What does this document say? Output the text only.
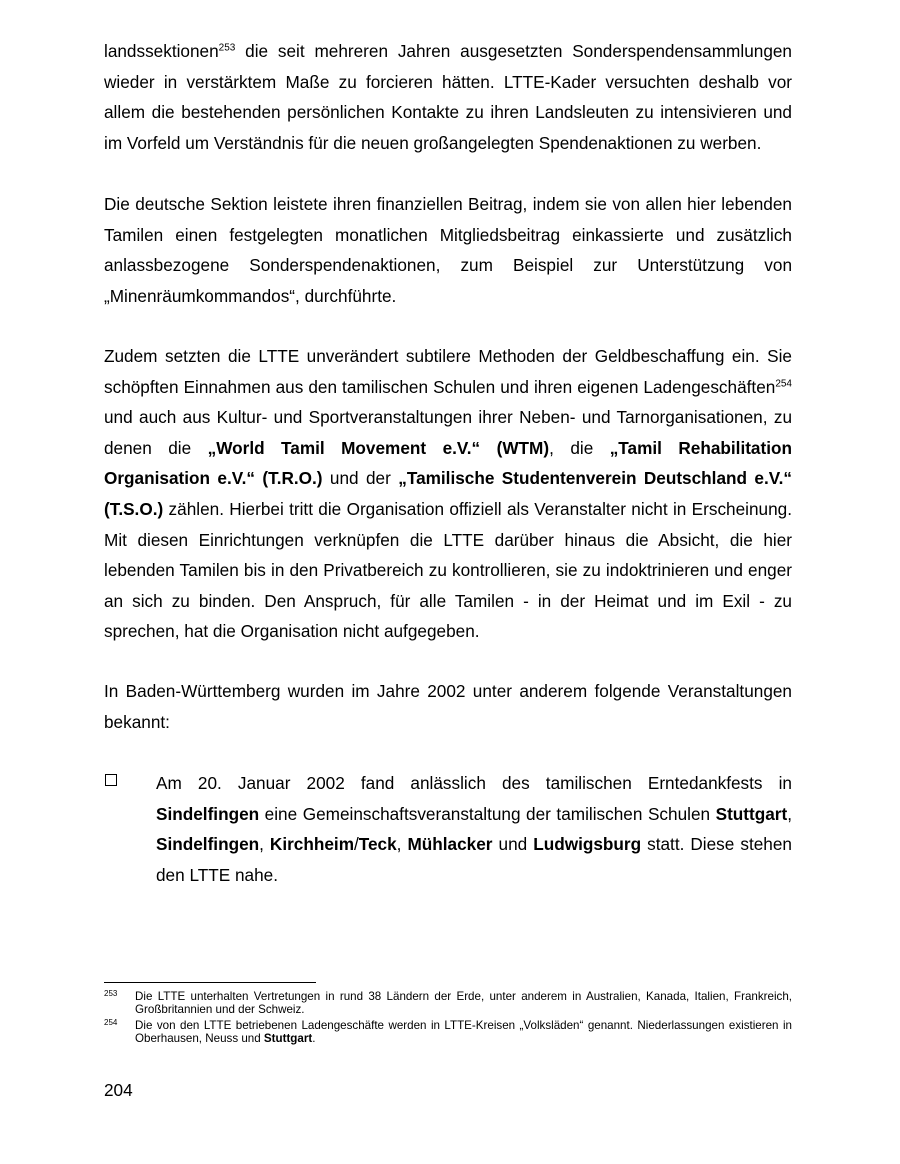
landssektionen$^{253}$ die seit mehreren Jahren ausgesetzten Sonderspendensammlungen wieder in verstärktem Maße zu forcieren hätten. LTTE-Kader versuchten deshalb vor allem die bestehenden persönlichen Kontakte zu ihren Landsleuten zu intensivieren und im Vorfeld um Verständnis für die neuen großangelegten Spendenaktionen zu werben.

Die deutsche Sektion leistete ihren finanziellen Beitrag, indem sie von allen hier lebenden Tamilen einen festgelegten monatlichen Mitgliedsbeitrag einkassierte und zusätzlich anlassbezogene Sonderspendenaktionen, zum Beispiel zur Unterstützung von „Minenräumkommandos“, durchführte.

Zudem setzten die LTTE unverändert subtilere Methoden der Geldbeschaffung ein. Sie schöpften Einnahmen aus den tamilischen Schulen und ihren eigenen Ladengeschäften$^{254}$ und auch aus Kultur- und Sportveranstaltungen ihrer Neben- und Tarnorganisationen, zu denen die „World Tamil Movement e.V.“ (WTM), die „Tamil Rehabilitation Organisation e.V.“ (T.R.O.) und der „Tamilische Studentenverein Deutschland e.V.“ (T.S.O.) zählen. Hierbei tritt die Organisation offiziell als Veranstalter nicht in Erscheinung. Mit diesen Einrichtungen verknüpfen die LTTE darüber hinaus die Absicht, die hier lebenden Tamilen bis in den Privatbereich zu kontrollieren, sie zu indoktrinieren und enger an sich zu binden. Den Anspruch, für alle Tamilen - in der Heimat und im Exil - zu sprechen, hat die Organisation nicht aufgegeben.

In Baden-Württemberg wurden im Jahre 2002 unter anderem folgende Veranstaltungen bekannt:

Am 20. Januar 2002 fand anlässlich des tamilischen Erntedankfests in Sindelfingen eine Gemeinschaftsveranstaltung der tamilischen Schulen Stuttgart, Sindelfingen, Kirchheim/Teck, Mühlacker und Ludwigsburg statt. Diese stehen den LTTE nahe.

253 Die LTTE unterhalten Vertretungen in rund 38 Ländern der Erde, unter anderem in Australien, Kanada, Italien, Frankreich, Großbritannien und der Schweiz.
254 Die von den LTTE betriebenen Ladengeschäfte werden in LTTE-Kreisen „Volksläden“ genannt. Niederlassungen existieren in Oberhausen, Neuss und Stuttgart.
204
